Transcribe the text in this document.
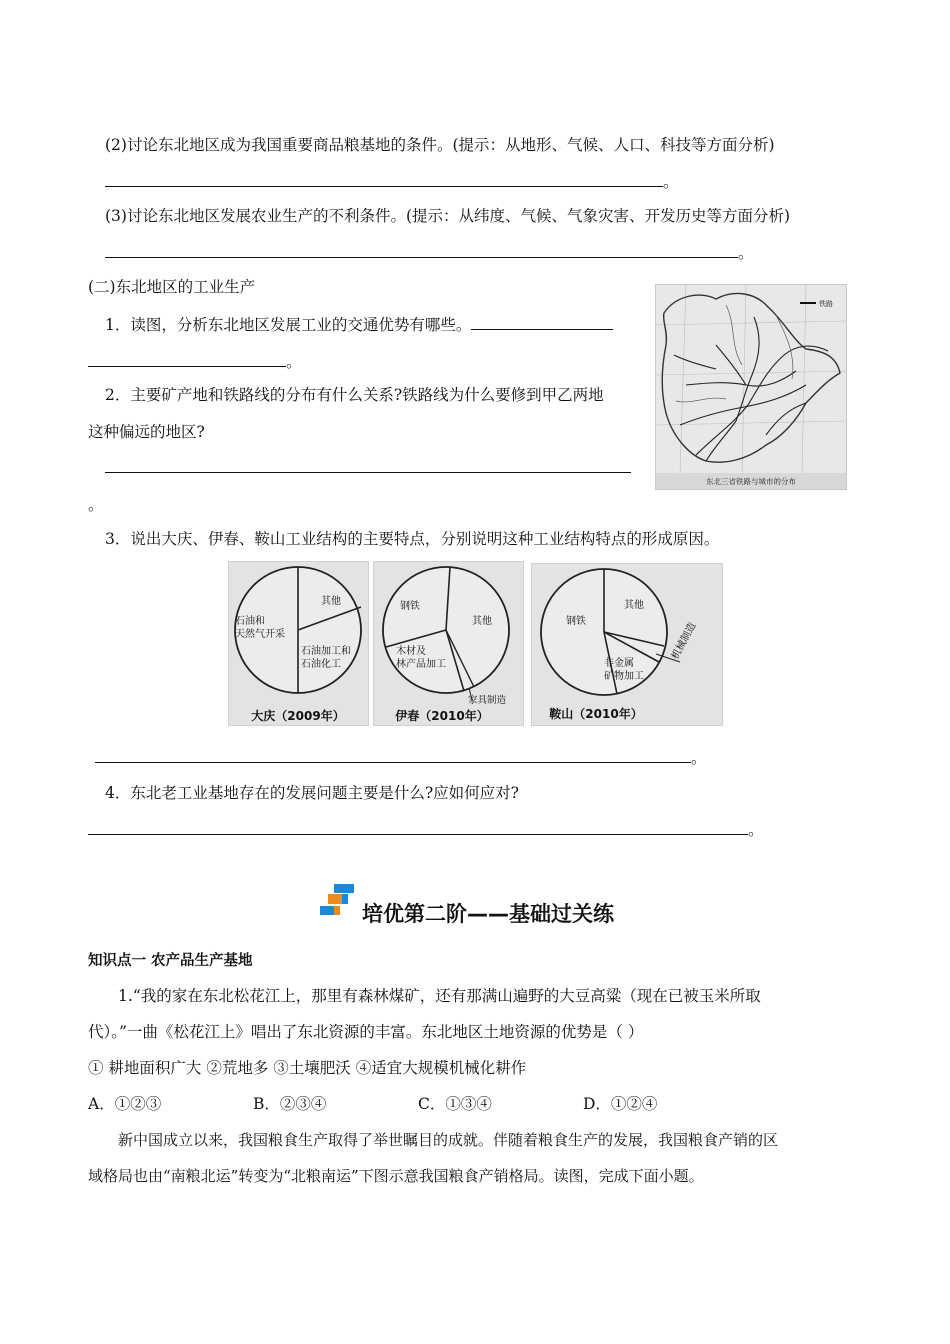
(2)讨论东北地区成为我国重要商品粮基地的条件。(提示：从地形、气候、人口、科技等方面分析)
。
(3)讨论东北地区发展农业生产的不利条件。(提示：从纬度、气候、气象灾害、开发历史等方面分析)
。
(二)东北地区的工业生产
1．读图，分析东北地区发展工业的交通优势有哪些。
。
2．主要矿产地和铁路线的分布有什么关系?铁路线为什么要修到甲乙两地
这种偏远的地区?
。
铁路
东北三省铁路与城市的分布
3．说出大庆、伊春、鞍山工业结构的主要特点，分别说明这种工业结构特点的形成原因。
其他
石油和
天然气开采
石油加工和
石油化工
大庆（2009年）
钢铁
其他
木材及
林产品加工
家具制造
伊春（2010年）
钢铁
其他
非金属
矿物加工
机械制造
鞍山（2010年）
。
4．东北老工业基地存在的发展问题主要是什么?应如何应对?
。
培优第二阶——基础过关练
知识点一 农产品生产基地
1.“我的家在东北松花江上，那里有森林煤矿，还有那满山遍野的大豆高粱（现在已被玉米所取
代）。”一曲《松花江上》唱出了东北资源的丰富。东北地区土地资源的优势是（ ）
① 耕地面积广大 ②荒地多 ③土壤肥沃 ④适宜大规模机械化耕作
A．①②③	B．②③④	C．①③④	D．①②④
新中国成立以来，我国粮食生产取得了举世瞩目的成就。伴随着粮食生产的发展，我国粮食产销的区
域格局也由“南粮北运”转变为“北粮南运”下图示意我国粮食产销格局。读图，完成下面小题。
